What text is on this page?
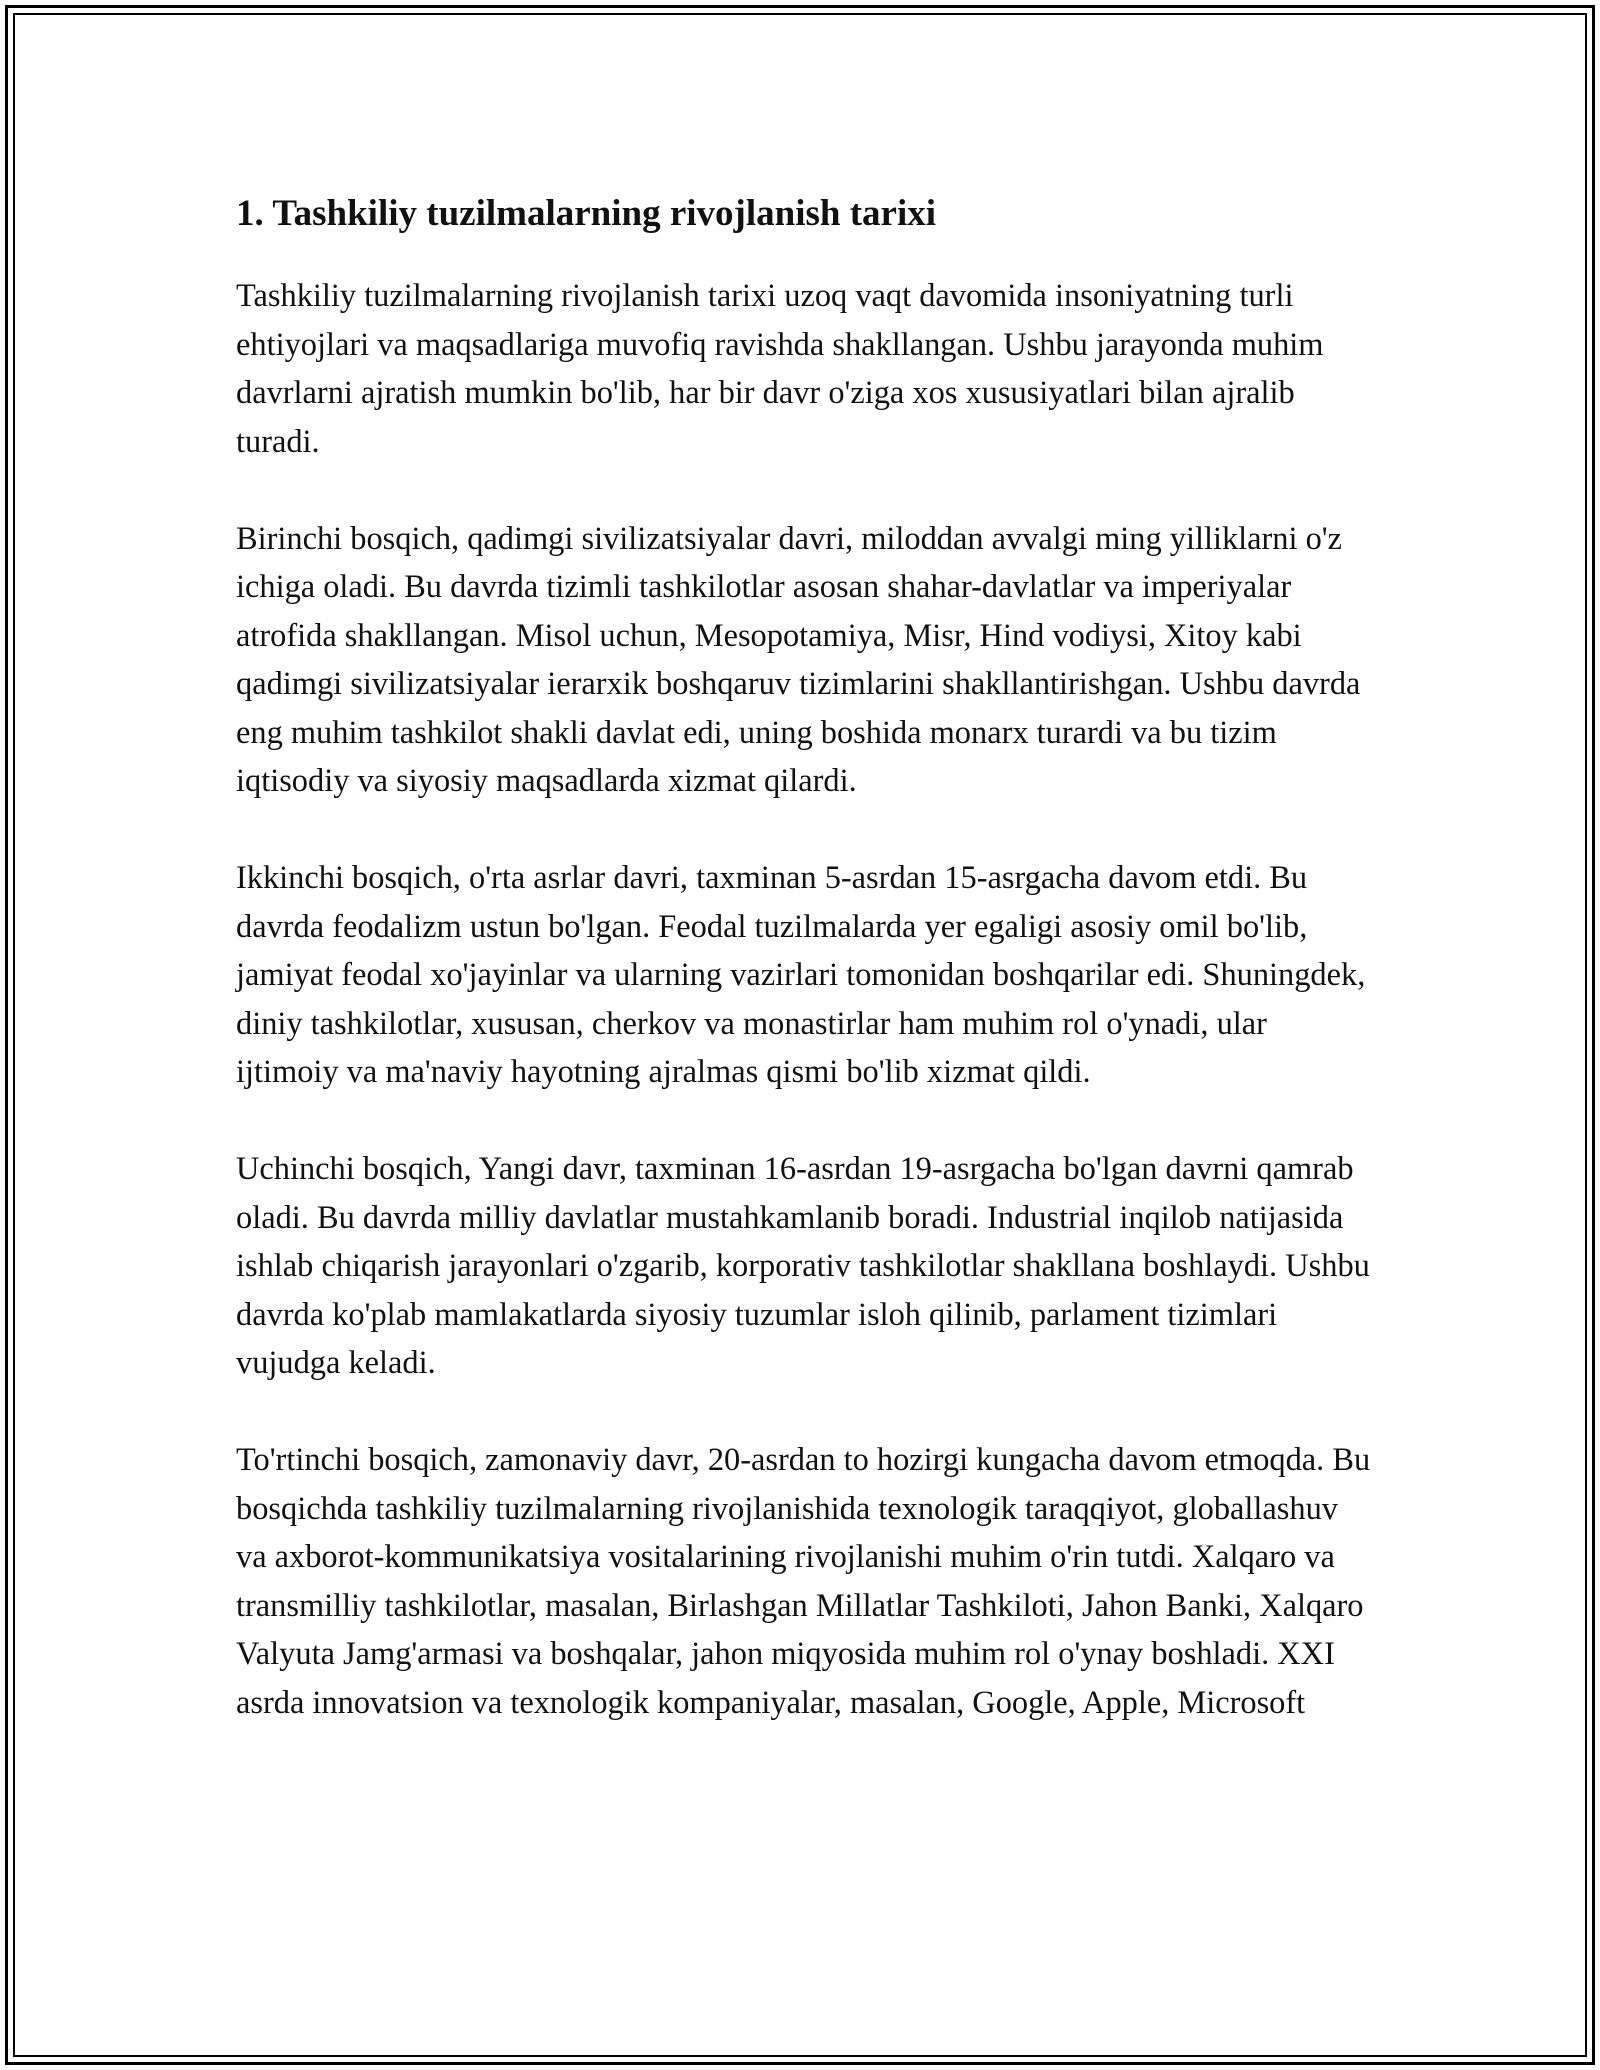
1. Tashkiliy tuzilmalarning rivojlanish tarixi

Tashkiliy tuzilmalarning rivojlanish tarixi uzoq vaqt davomida insoniyatning turli ehtiyojlari va maqsadlariga muvofiq ravishda shakllangan. Ushbu jarayonda muhim davrlarni ajratish mumkin bo'lib, har bir davr o'ziga xos xususiyatlari bilan ajralib turadi.

Birinchi bosqich, qadimgi sivilizatsiyalar davri, miloddan avvalgi ming yilliklarni o'z ichiga oladi. Bu davrda tizimli tashkilotlar asosan shahar-davlatlar va imperiyalar atrofida shakllangan. Misol uchun, Mesopotamiya, Misr, Hind vodiysi, Xitoy kabi qadimgi sivilizatsiyalar ierarxik boshqaruv tizimlarini shakllantirishgan. Ushbu davrda eng muhim tashkilot shakli davlat edi, uning boshida monarx turardi va bu tizim iqtisodiy va siyosiy maqsadlarda xizmat qilardi.

Ikkinchi bosqich, o'rta asrlar davri, taxminan 5-asrdan 15-asrgacha davom etdi. Bu davrda feodalizm ustun bo'lgan. Feodal tuzilmalarda yer egaligi asosiy omil bo'lib, jamiyat feodal xo'jayinlar va ularning vazirlari tomonidan boshqarilar edi. Shuningdek, diniy tashkilotlar, xususan, cherkov va monastirlar ham muhim rol o'ynadi, ular ijtimoiy va ma'naviy hayotning ajralmas qismi bo'lib xizmat qildi.

Uchinchi bosqich, Yangi davr, taxminan 16-asrdan 19-asrgacha bo'lgan davrni qamrab oladi. Bu davrda milliy davlatlar mustahkamlanib boradi. Industrial inqilob natijasida ishlab chiqarish jarayonlari o'zgarib, korporativ tashkilotlar shakllana boshlaydi. Ushbu davrda ko'plab mamlakatlarda siyosiy tuzumlar isloh qilinib, parlament tizimlari vujudga keladi.

To'rtinchi bosqich, zamonaviy davr, 20-asrdan to hozirgi kungacha davom etmoqda. Bu bosqichda tashkiliy tuzilmalarning rivojlanishida texnologik taraqqiyot, globallashuv va axborot-kommunikatsiya vositalarining rivojlanishi muhim o'rin tutdi. Xalqaro va transmilliy tashkilotlar, masalan, Birlashgan Millatlar Tashkiloti, Jahon Banki, Xalqaro Valyuta Jamg'armasi va boshqalar, jahon miqyosida muhim rol o'ynay boshladi. XXI asrda innovatsion va texnologik kompaniyalar, masalan, Google, Apple, Microsoft
